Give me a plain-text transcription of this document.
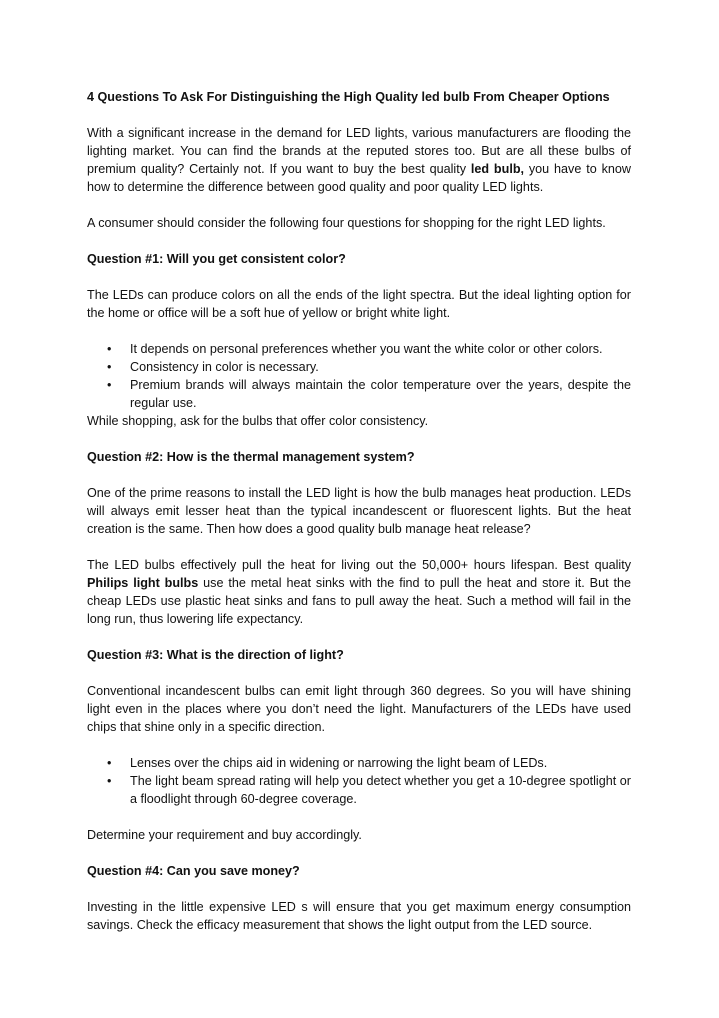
4 Questions To Ask For Distinguishing the High Quality led bulb From Cheaper Options

With a significant increase in the demand for LED lights, various manufacturers are flooding the lighting market. You can find the brands at the reputed stores too. But are all these bulbs of premium quality? Certainly not. If you want to buy the best quality led bulb, you have to know how to determine the difference between good quality and poor quality LED lights.

A consumer should consider the following four questions for shopping for the right LED lights.

Question #1: Will you get consistent color?

The LEDs can produce colors on all the ends of the light spectra. But the ideal lighting option for the home or office will be a soft hue of yellow or bright white light.

• It depends on personal preferences whether you want the white color or other colors.
• Consistency in color is necessary.
• Premium brands will always maintain the color temperature over the years, despite the regular use.

While shopping, ask for the bulbs that offer color consistency.

Question #2: How is the thermal management system?

One of the prime reasons to install the LED light is how the bulb manages heat production. LEDs will always emit lesser heat than the typical incandescent or fluorescent lights. But the heat creation is the same. Then how does a good quality bulb manage heat release?

The LED bulbs effectively pull the heat for living out the 50,000+ hours lifespan. Best quality Philips light bulbs use the metal heat sinks with the find to pull the heat and store it. But the cheap LEDs use plastic heat sinks and fans to pull away the heat. Such a method will fail in the long run, thus lowering life expectancy.

Question #3: What is the direction of light?

Conventional incandescent bulbs can emit light through 360 degrees. So you will have shining light even in the places where you don’t need the light. Manufacturers of the LEDs have used chips that shine only in a specific direction.

• Lenses over the chips aid in widening or narrowing the light beam of LEDs.
• The light beam spread rating will help you detect whether you get a 10-degree spotlight or a floodlight through 60-degree coverage.

Determine your requirement and buy accordingly.

Question #4: Can you save money?

Investing in the little expensive LED s will ensure that you get maximum energy consumption savings. Check the efficacy measurement that shows the light output from the LED source.
